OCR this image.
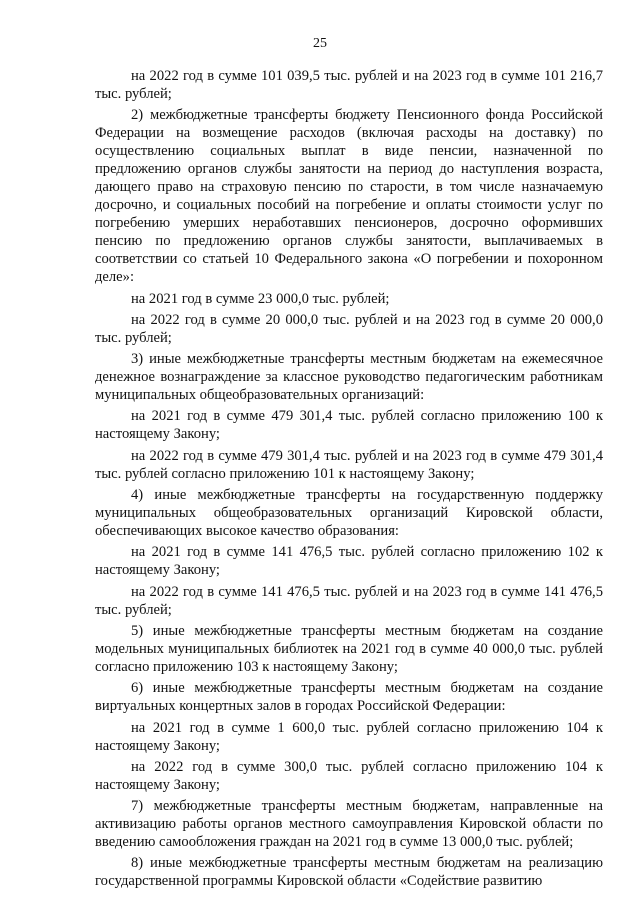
25

на 2022 год в сумме 101 039,5 тыс. рублей и на 2023 год в сумме 101 216,7 тыс. рублей;

2) межбюджетные трансферты бюджету Пенсионного фонда Российской Федерации на возмещение расходов (включая расходы на доставку) по осуществлению социальных выплат в виде пенсии, назначенной по предложению органов службы занятости на период до наступления возраста, дающего право на страховую пенсию по старости, в том числе назначаемую досрочно, и социальных пособий на погребение и оплаты стоимости услуг по погребению умерших неработавших пенсионеров, досрочно оформивших пенсию по предложению органов службы занятости, выплачиваемых в соответствии со статьей 10 Федерального закона «О погребении и похоронном деле»:

на 2021 год в сумме 23 000,0 тыс. рублей;

на 2022 год в сумме 20 000,0 тыс. рублей и на 2023 год в сумме 20 000,0 тыс. рублей;

3) иные межбюджетные трансферты местным бюджетам на ежемесячное денежное вознаграждение за классное руководство педагогическим работникам муниципальных общеобразовательных организаций:

на 2021 год в сумме 479 301,4 тыс. рублей согласно приложению 100 к настоящему Закону;

на 2022 год в сумме 479 301,4 тыс. рублей и на 2023 год в сумме 479 301,4 тыс. рублей согласно приложению 101 к настоящему Закону;

4) иные межбюджетные трансферты на государственную поддержку муниципальных общеобразовательных организаций Кировской области, обеспечивающих высокое качество образования:

на 2021 год в сумме 141 476,5 тыс. рублей согласно приложению 102 к настоящему Закону;

на 2022 год в сумме 141 476,5 тыс. рублей и на 2023 год в сумме 141 476,5 тыс. рублей;

5) иные межбюджетные трансферты местным бюджетам на создание модельных муниципальных библиотек на 2021 год в сумме 40 000,0 тыс. рублей согласно приложению 103 к настоящему Закону;

6) иные межбюджетные трансферты местным бюджетам на создание виртуальных концертных залов в городах Российской Федерации:

на 2021 год в сумме 1 600,0 тыс. рублей согласно приложению 104 к настоящему Закону;

на 2022 год в сумме 300,0 тыс. рублей согласно приложению 104 к настоящему Закону;

7) межбюджетные трансферты местным бюджетам, направленные на активизацию работы органов местного самоуправления Кировской области по введению самообложения граждан на 2021 год в сумме 13 000,0 тыс. рублей;

8) иные межбюджетные трансферты местным бюджетам на реализацию государственной программы Кировской области «Содействие развитию
